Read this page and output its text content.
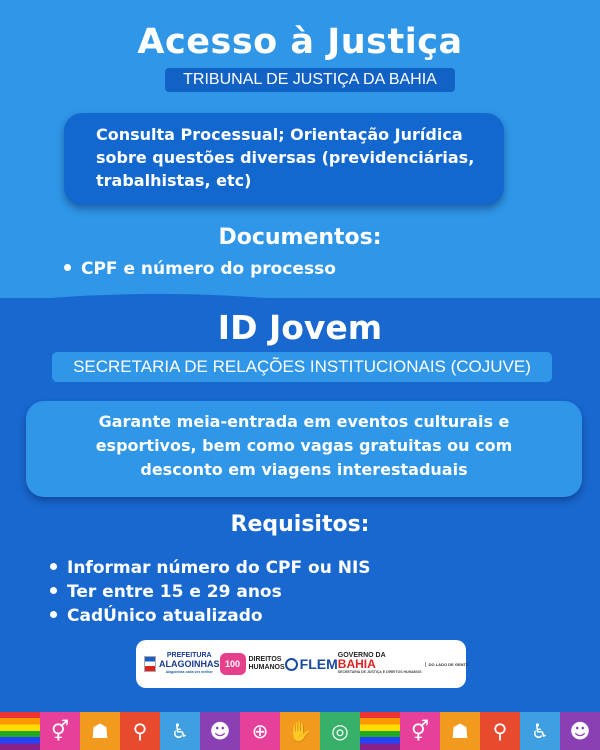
Acesso à Justiça
TRIBUNAL DE JUSTIÇA DA BAHIA
Consulta Processual; Orientação Jurídica
sobre questões diversas (previdenciárias,
trabalhistas, etc)
Documentos:
CPF e número do processo
ID Jovem
SECRETARIA DE RELAÇÕES INSTITUCIONAIS (COJUVE)
Garante meia-entrada em eventos culturais e
esportivos, bem como vagas gratuitas ou com
desconto em viagens interestaduais
Requisitos:
Informar número do CPF ou NIS
Ter entre 15 e 29 anos
CadÚnico atualizado
PREFEITURA
ALAGOINHAS
Alagoinhas cada vez melhor
100	DIREITOS
HUMANOS FLEM
GOVERNO DA
BAHIA
SECRETARIA DE JUSTIÇA E DIREITOS HUMANOS
DO LADO DE GENTE
⚥	☗	⚲	♿	☻	⊕ ✋ ◎	⚥	☗	⚲	♿	☻
